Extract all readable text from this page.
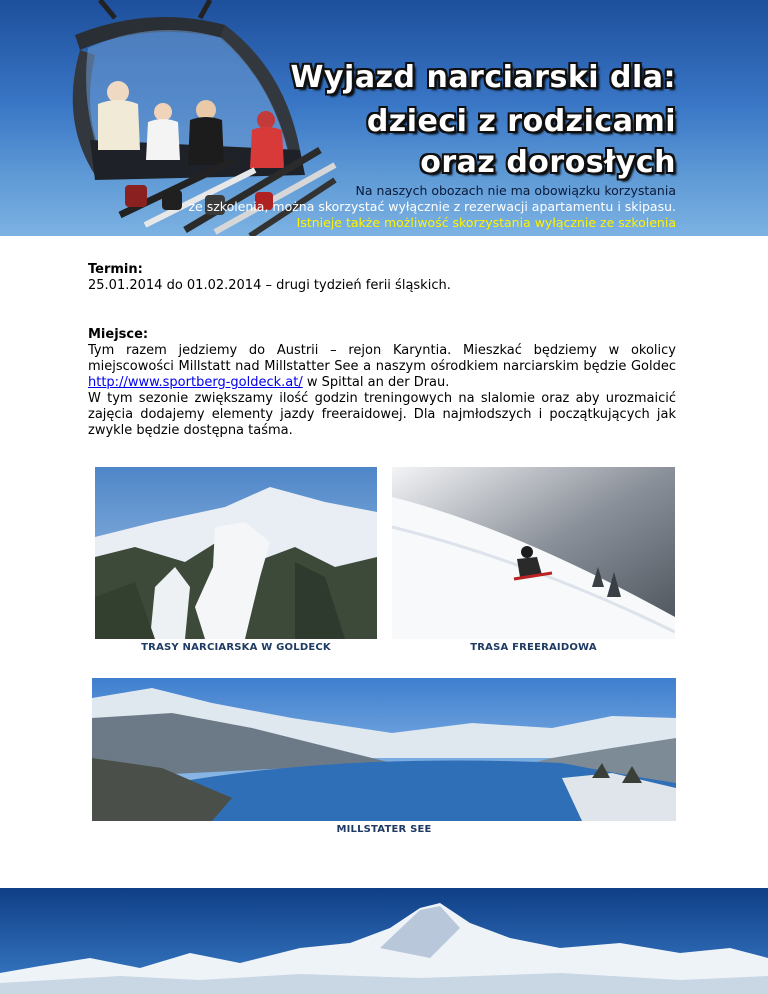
Wyjazd narciarski dla:
dzieci z rodzicami
oraz dorosłych
Na naszych obozach nie ma obowiązku korzystania
ze szkolenia, można skorzystać wyłącznie z rezerwacji apartamentu i skipasu.
Istnieje także możliwość skorzystania wyłącznie ze szkolenia
Termin:
25.01.2014 do 01.02.2014 – drugi tydzień ferii śląskich.
Miejsce:

Tym razem jedziemy do Austrii – rejon Karyntia. Mieszkać będziemy w okolicy miejscowości Millstatt nad Millstatter See a naszym ośrodkiem narciarskim będzie Goldec http://www.sportberg-goldeck.at/ w Spittal an der Drau.

W tym sezonie zwiększamy ilość godzin treningowych na slalomie oraz aby urozmaicić zajęcia dodajemy elementy jazdy freeraidowej. Dla najmłodszych i początkujących jak zwykle będzie dostępna taśma.

TRASY NARCIARSKA W GOLDECK	TRASA FREERAIDOWA
MILLSTATER SEE
